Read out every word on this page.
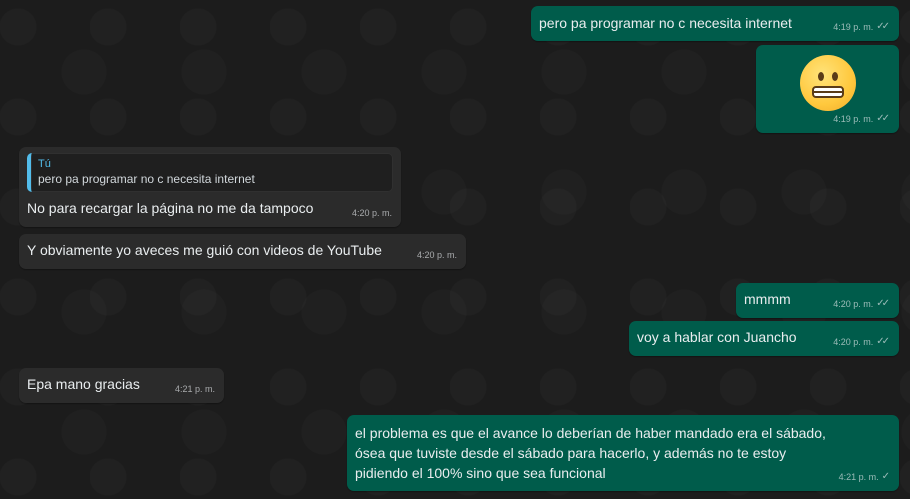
pero pa programar no c necesita internet	4:19 p. m. ✓✓
4:19 p. m. ✓✓
Tú
pero pa programar no c necesita internet
No para recargar la página no me da tampoco	4:20 p. m.
Y obviamente yo aveces me guió con videos de YouTube	4:20 p. m.
mmmm	4:20 p. m. ✓✓
voy a hablar con Juancho	4:20 p. m. ✓✓
Epa mano gracias	4:21 p. m.
el problema es que el avance lo deberían de haber mandado era el sábado, ósea que tuviste desde el sábado para hacerlo, y además no te estoy pidiendo el 100% sino que sea funcional	4:21 p. m. ✓
